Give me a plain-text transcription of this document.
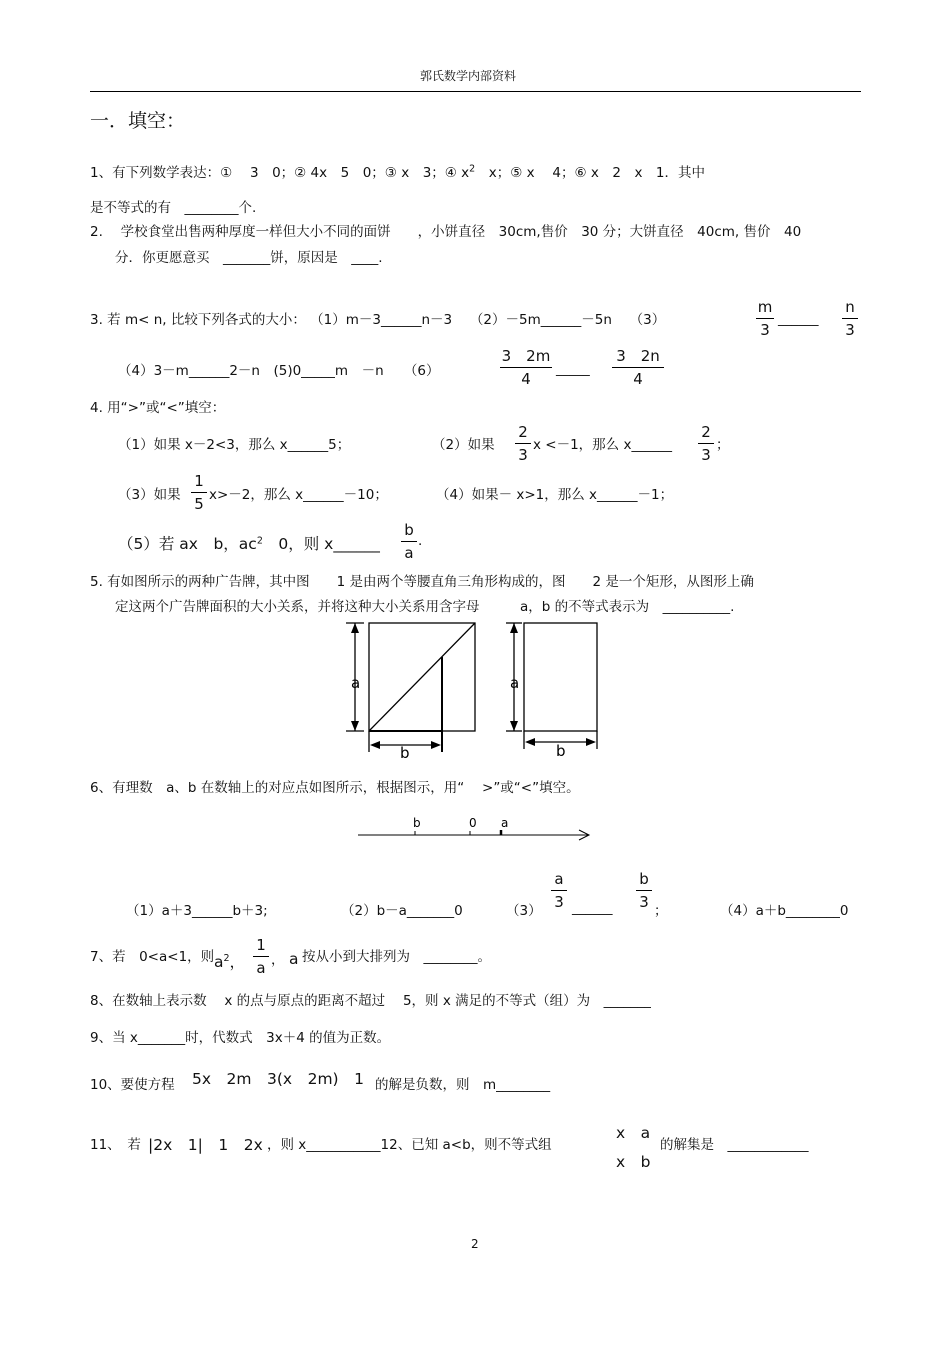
郭氏数学内部资料
一．填空：
1、有下列数学表达：①　 3　0；② 4x　5　0；③ x　3；④ $x^2$　x；⑤ x　 4；⑥ x　2　x　1．其中
是不等式的有　________个.
2.　 学校食堂出售两种厚度一样但大小不同的面饼　　，小饼直径　30cm,售价　30 分；大饼直径　40cm, 售价　40
分．你更愿意买　_______饼，原因是　____.
3. 若 m< n, 比较下列各式的大小： （1）m－3______n－3　 （2）－5m______－5n　 （3）
m
3
______
n
3
（4）3－m______2－n　(5)0_____m　－n　　（6）
3　2m
4
_____
3　2n
4
4. 用“>”或“<”填空：
（1）如果 x－2<3，那么 x______5；	（2）如果
2
3
x <－1，那么 x______
2
3
；
（3）如果
1
5 x>－2，那么 x______－10；	（4）如果－ x>1，那么 x______－1；
（5）若 ax　b，$ac^2$　0，则 x______
b
a
.
5. 有如图所示的两种广告牌，其中图　　1 是由两个等腰直角三角形构成的，图　　2 是一个矩形，从图形上确
定这两个广告牌面积的大小关系，并将这种大小关系用含字母　　　a，b 的不等式表示为　__________.
a
b
a
b
6、有理数　a、b 在数轴上的对应点如图所示，根据图示，用“　 >”或“<”填空。
b	0 a
（1）a＋3______b＋3;	（2）b－a_______0	（3）
a
3 ______
b
3 ；	（4）a＋b________0
7、若　0<a<1，则 $a^2$，
1
a ， a 按从小到大排列为　________。
8、在数轴上表示数　 x 的点与原点的距离不超过　 5，则 x 满足的不等式（组）为　_______
9、当 x_______时，代数式　3x＋4 的值为正数。
10、要使方程 5x　2m　3(x　2m)　1 的解是负数，则　m________
11、　若 |2x　1|　1　2x ，则 x___________12、已知 a<b，则不等式组
x　a
x　b
的解集是　____________
2
